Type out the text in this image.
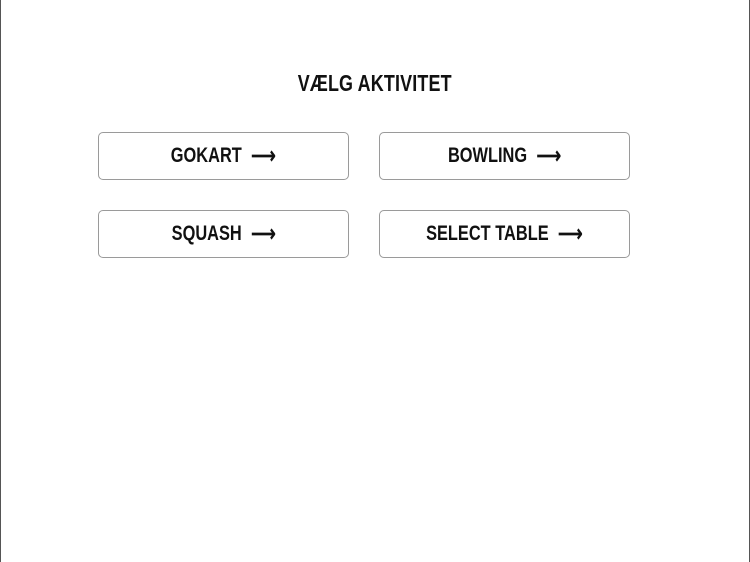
VÆLG AKTIVITET
GOKART ⟶	BOWLING ⟶
SQUASH ⟶	SELECT TABLE ⟶
